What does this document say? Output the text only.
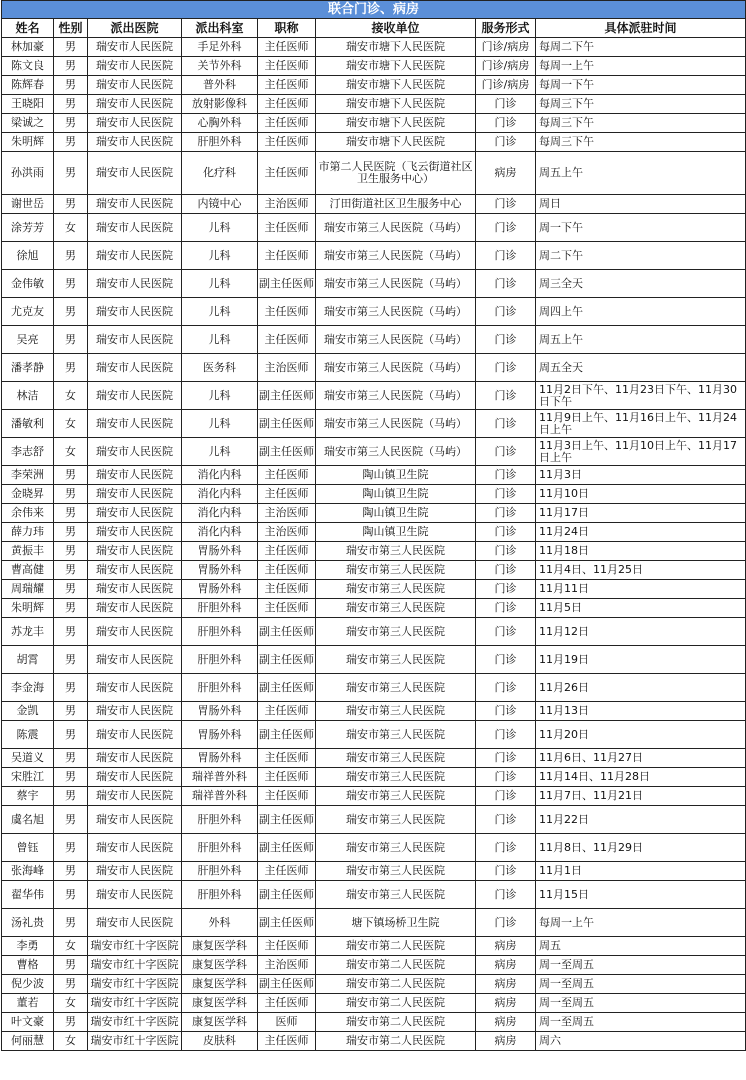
联合门诊、病房							
姓名	性别	派出医院	派出科室	职称	接收单位	服务形式	具体派驻时间
林加豪	男	瑞安市人民医院	手足外科	主任医师	瑞安市塘下人民医院	门诊/病房	每周二下午
陈文良	男	瑞安市人民医院	关节外科	主任医师	瑞安市塘下人民医院	门诊/病房	每周一上午
陈辉春	男	瑞安市人民医院	普外科	主任医师	瑞安市塘下人民医院	门诊/病房	每周一下午
王晓阳	男	瑞安市人民医院	放射影像科	主任医师	瑞安市塘下人民医院	门诊	每周三下午
梁诚之	男	瑞安市人民医院	心胸外科	主任医师	瑞安市塘下人民医院	门诊	每周三下午
朱明辉	男	瑞安市人民医院	肝胆外科	主任医师	瑞安市塘下人民医院	门诊	每周三下午
孙洪雨	男	瑞安市人民医院	化疗科	主任医师	市第二人民医院（飞云街道社区卫生服务中心）	病房	周五上午
谢世岳	男	瑞安市人民医院	内镜中心	主治医师	汀田街道社区卫生服务中心	门诊	周日
涂芳芳	女	瑞安市人民医院	儿科	主任医师	瑞安市第三人民医院（马屿）	门诊	周一下午
徐旭	男	瑞安市人民医院	儿科	主任医师	瑞安市第三人民医院（马屿）	门诊	周二下午
金伟敏	男	瑞安市人民医院	儿科	副主任医师	瑞安市第三人民医院（马屿）	门诊	周三全天
尤克友	男	瑞安市人民医院	儿科	主任医师	瑞安市第三人民医院（马屿）	门诊	周四上午
吴亮	男	瑞安市人民医院	儿科	主任医师	瑞安市第三人民医院（马屿）	门诊	周五上午
潘孝静	男	瑞安市人民医院	医务科	主治医师	瑞安市第三人民医院（马屿）	门诊	周五全天
林洁	女	瑞安市人民医院	儿科	副主任医师	瑞安市第三人民医院（马屿）	门诊	11月2日下午、11月23日下午、11月30日下午
潘敏利	女	瑞安市人民医院	儿科	副主任医师	瑞安市第三人民医院（马屿）	门诊	11月9日上午、11月16日上午、11月24日上午
李志舒	女	瑞安市人民医院	儿科	副主任医师	瑞安市第三人民医院（马屿）	门诊	11月3日上午、11月10日上午、11月17日上午
李荣洲	男	瑞安市人民医院	消化内科	主任医师	陶山镇卫生院	门诊	11月3日
金晓昇	男	瑞安市人民医院	消化内科	主任医师	陶山镇卫生院	门诊	11月10日
余伟来	男	瑞安市人民医院	消化内科	主治医师	陶山镇卫生院	门诊	11月17日
薛力玮	男	瑞安市人民医院	消化内科	主治医师	陶山镇卫生院	门诊	11月24日
黄振丰	男	瑞安市人民医院	胃肠外科	主任医师	瑞安市第三人民医院	门诊	11月18日
曹高健	男	瑞安市人民医院	胃肠外科	主任医师	瑞安市第三人民医院	门诊	11月4日、11月25日
周瑞耀	男	瑞安市人民医院	胃肠外科	主任医师	瑞安市第三人民医院	门诊	11月11日
朱明辉	男	瑞安市人民医院	肝胆外科	主任医师	瑞安市第三人民医院	门诊	11月5日
苏龙丰	男	瑞安市人民医院	肝胆外科	副主任医师	瑞安市第三人民医院	门诊	11月12日
胡霄	男	瑞安市人民医院	肝胆外科	副主任医师	瑞安市第三人民医院	门诊	11月19日
李金海	男	瑞安市人民医院	肝胆外科	副主任医师	瑞安市第三人民医院	门诊	11月26日
金凯	男	瑞安市人民医院	胃肠外科	主任医师	瑞安市第三人民医院	门诊	11月13日
陈震	男	瑞安市人民医院	胃肠外科	副主任医师	瑞安市第三人民医院	门诊	11月20日
吴道义	男	瑞安市人民医院	胃肠外科	主任医师	瑞安市第三人民医院	门诊	11月6日、11月27日
宋胜江	男	瑞安市人民医院	瑞祥普外科	主任医师	瑞安市第三人民医院	门诊	11月14日、11月28日
蔡宇	男	瑞安市人民医院	瑞祥普外科	主任医师	瑞安市第三人民医院	门诊	11月7日、11月21日
虞名旭	男	瑞安市人民医院	肝胆外科	副主任医师	瑞安市第三人民医院	门诊	11月22日
曾钰	男	瑞安市人民医院	肝胆外科	副主任医师	瑞安市第三人民医院	门诊	11月8日、11月29日
张海峰	男	瑞安市人民医院	肝胆外科	主任医师	瑞安市第三人民医院	门诊	11月1日
翟华伟	男	瑞安市人民医院	肝胆外科	副主任医师	瑞安市第三人民医院	门诊	11月15日
汤礼贵	男	瑞安市人民医院	外科	副主任医师	塘下镇场桥卫生院	门诊	每周一上午
李勇	女	瑞安市红十字医院	康复医学科	主任医师	瑞安市第二人民医院	病房	周五
曹格	男	瑞安市红十字医院	康复医学科	主治医师	瑞安市第二人民医院	病房	周一至周五
倪少波	男	瑞安市红十字医院	康复医学科	副主任医师	瑞安市第二人民医院	病房	周一至周五
董若	女	瑞安市红十字医院	康复医学科	主任医师	瑞安市第二人民医院	病房	周一至周五
叶文豪	男	瑞安市红十字医院	康复医学科	医师	瑞安市第二人民医院	病房	周一至周五
何丽慧	女	瑞安市红十字医院	皮肤科	主任医师	瑞安市第二人民医院	病房	周六
